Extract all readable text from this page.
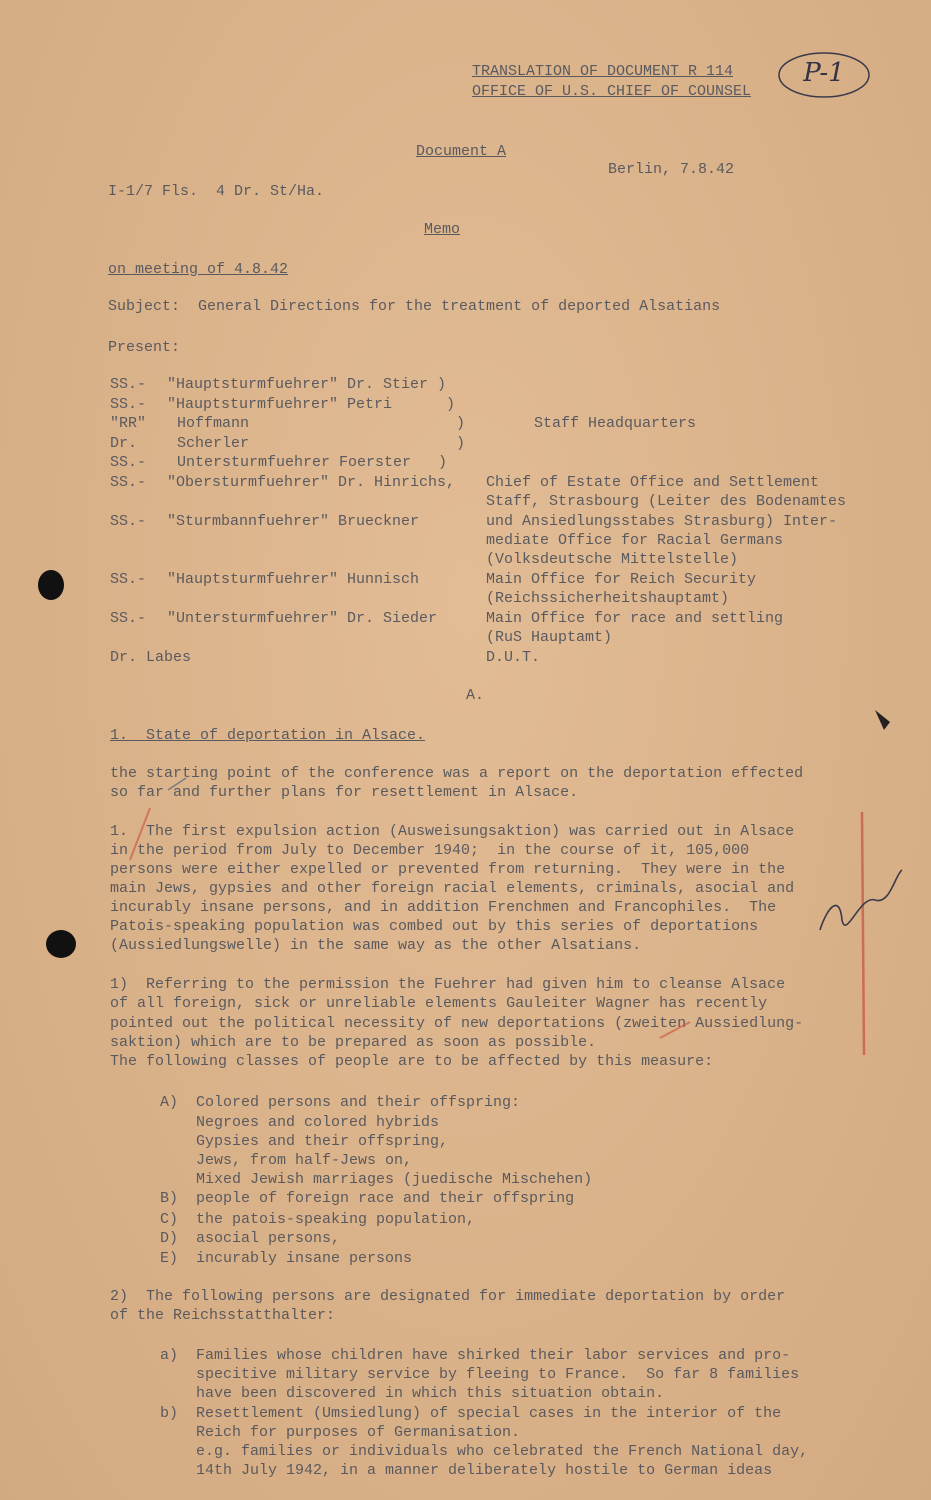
TRANSLATION OF DOCUMENT R 114
OFFICE OF U.S. CHIEF OF COUNSEL
P-1
Document A
Berlin, 7.8.42
I-1/7 Fls.  4 Dr. St/Ha.
Memo
on meeting of 4.8.42
Subject:  General Directions for the treatment of deported Alsatians
Present:
SS.- "Hauptsturmfuehrer" Dr. Stier )
SS.- "Hauptsturmfuehrer" Petri      )
"RR" Hoffmann                       )
Dr.	Scherler                       )
SS.- Untersturmfuehrer Foerster   )
SS.- "Obersturmfuehrer" Dr. Hinrichs,
SS.- "Sturmbannfuehrer" Brueckner
SS.- "Hauptsturmfuehrer" Hunnisch
SS.- "Untersturmfuehrer" Dr. Sieder
Dr. Labes
Staff Headquarters
Chief of Estate Office and Settlement
Staff, Strasbourg (Leiter des Bodenamtes
und Ansiedlungsstabes Strasburg) Inter-
mediate Office for Racial Germans
(Volksdeutsche Mittelstelle)
Main Office for Reich Security
(Reichssicherheitshauptamt)
Main Office for race and settling
(RuS Hauptamt)
D.U.T.
A.
1.  State of deportation in Alsace.
the starting point of the conference was a report on the deportation effected
so far and further plans for resettlement in Alsace.
1.  The first expulsion action (Ausweisungsaktion) was carried out in Alsace
in the period from July to December 1940;  in the course of it, 105,000
persons were either expelled or prevented from returning.  They were in the
main Jews, gypsies and other foreign racial elements, criminals, asocial and
incurably insane persons, and in addition Frenchmen and Francophiles.  The
Patois-speaking population was combed out by this series of deportations
(Aussiedlungswelle) in the same way as the other Alsatians.
1)  Referring to the permission the Fuehrer had given him to cleanse Alsace
of all foreign, sick or unreliable elements Gauleiter Wagner has recently
pointed out the political necessity of new deportations (zweiten Aussiedlung-
saktion) which are to be prepared as soon as possible.
The following classes of people are to be affected by this measure:
A)  Colored persons and their offspring:
Negroes and colored hybrids
Gypsies and their offspring,
Jews, from half-Jews on,
Mixed Jewish marriages (juedische Mischehen)
B)  people of foreign race and their offspring
C)  the patois-speaking population,
D)  asocial persons,
E)  incurably insane persons
2)  The following persons are designated for immediate deportation by order
of the Reichsstatthalter:
a)  Families whose children have shirked their labor services and pro-
specitive military service by fleeing to France.  So far 8 families
have been discovered in which this situation obtain.
b)  Resettlement (Umsiedlung) of special cases in the interior of the
Reich for purposes of Germanisation.
e.g. families or individuals who celebrated the French National day,
14th July 1942, in a manner deliberately hostile to German ideas
